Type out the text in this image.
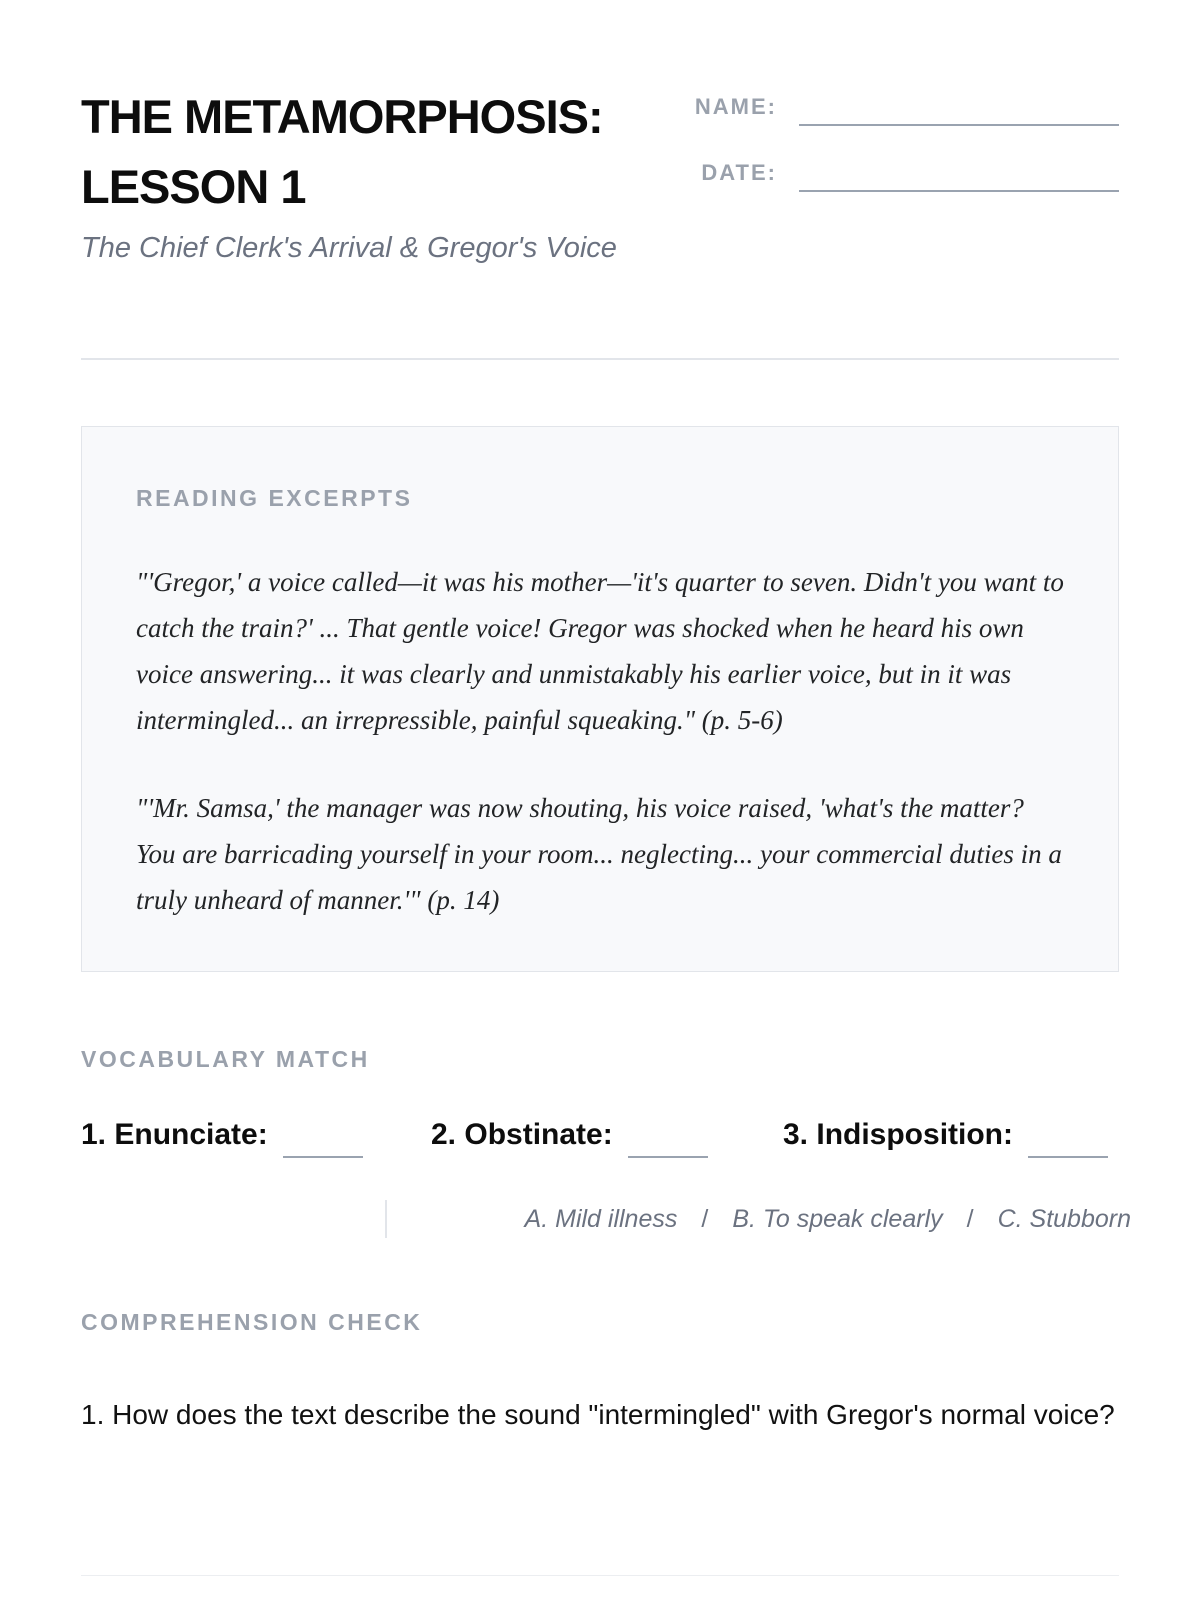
THE METAMORPHOSIS: LESSON 1

The Chief Clerk's Arrival & Gregor's Voice

NAME:
DATE:
READING EXCERPTS

"'Gregor,' a voice called—it was his mother—'it's quarter to seven. Didn't you want to catch the train?' ... That gentle voice! Gregor was shocked when he heard his own voice answering... it was clearly and unmistakably his earlier voice, but in it was intermingled... an irrepressible, painful squeaking." (p. 5-6)

"'Mr. Samsa,' the manager was now shouting, his voice raised, 'what's the matter? You are barricading yourself in your room... neglecting... your commercial duties in a truly unheard of manner.'" (p. 14)

VOCABULARY MATCH
1. Enunciate:	2. Obstinate:	3. Indisposition:
A. Mild illness / B. To speak clearly / C. Stubborn
COMPREHENSION CHECK

1. How does the text describe the sound "intermingled" with Gregor's normal voice?
